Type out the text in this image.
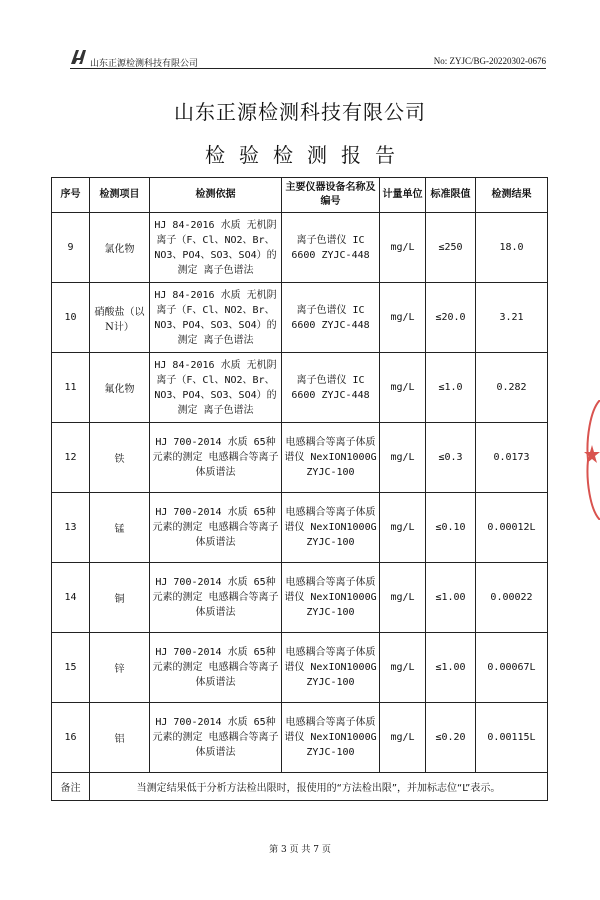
山东正源检测科技有限公司	No: ZYJC/BG-20220302-0676
山东正源检测科技有限公司
检验检测报告
序号	检测项目	检测依据	主要仪器设备名称及编号	计量单位	标准限值	检测结果
9	氯化物	HJ 84-2016 水质 无机阴离子（F、Cl、NO2、Br、NO3、PO4、SO3、SO4）的测定 离子色谱法	离子色谱仪 IC 6600 ZYJC-448	mg/L	≤250	18.0
10	硝酸盐（以N计）	HJ 84-2016 水质 无机阴离子（F、Cl、NO2、Br、NO3、PO4、SO3、SO4）的测定 离子色谱法	离子色谱仪 IC 6600 ZYJC-448	mg/L	≤20.0	3.21
11	氟化物	HJ 84-2016 水质 无机阴离子（F、Cl、NO2、Br、NO3、PO4、SO3、SO4）的测定 离子色谱法	离子色谱仪 IC 6600 ZYJC-448	mg/L	≤1.0	0.282
12	铁	HJ 700-2014 水质 65种元素的测定 电感耦合等离子体质谱法	电感耦合等离子体质谱仪 NexION1000G ZYJC-100	mg/L	≤0.3	0.0173
13	锰	HJ 700-2014 水质 65种元素的测定 电感耦合等离子体质谱法	电感耦合等离子体质谱仪 NexION1000G ZYJC-100	mg/L	≤0.10	0.00012L
14	铜	HJ 700-2014 水质 65种元素的测定 电感耦合等离子体质谱法	电感耦合等离子体质谱仪 NexION1000G ZYJC-100	mg/L	≤1.00	0.00022
15	锌	HJ 700-2014 水质 65种元素的测定 电感耦合等离子体质谱法	电感耦合等离子体质谱仪 NexION1000G ZYJC-100	mg/L	≤1.00	0.00067L
16	铝	HJ 700-2014 水质 65种元素的测定 电感耦合等离子体质谱法	电感耦合等离子体质谱仪 NexION1000G ZYJC-100	mg/L	≤0.20	0.00115L
备注	当测定结果低于分析方法检出限时，报使用的“方法检出限”，并加标志位“L”表示。					
第 3 页 共 7 页
